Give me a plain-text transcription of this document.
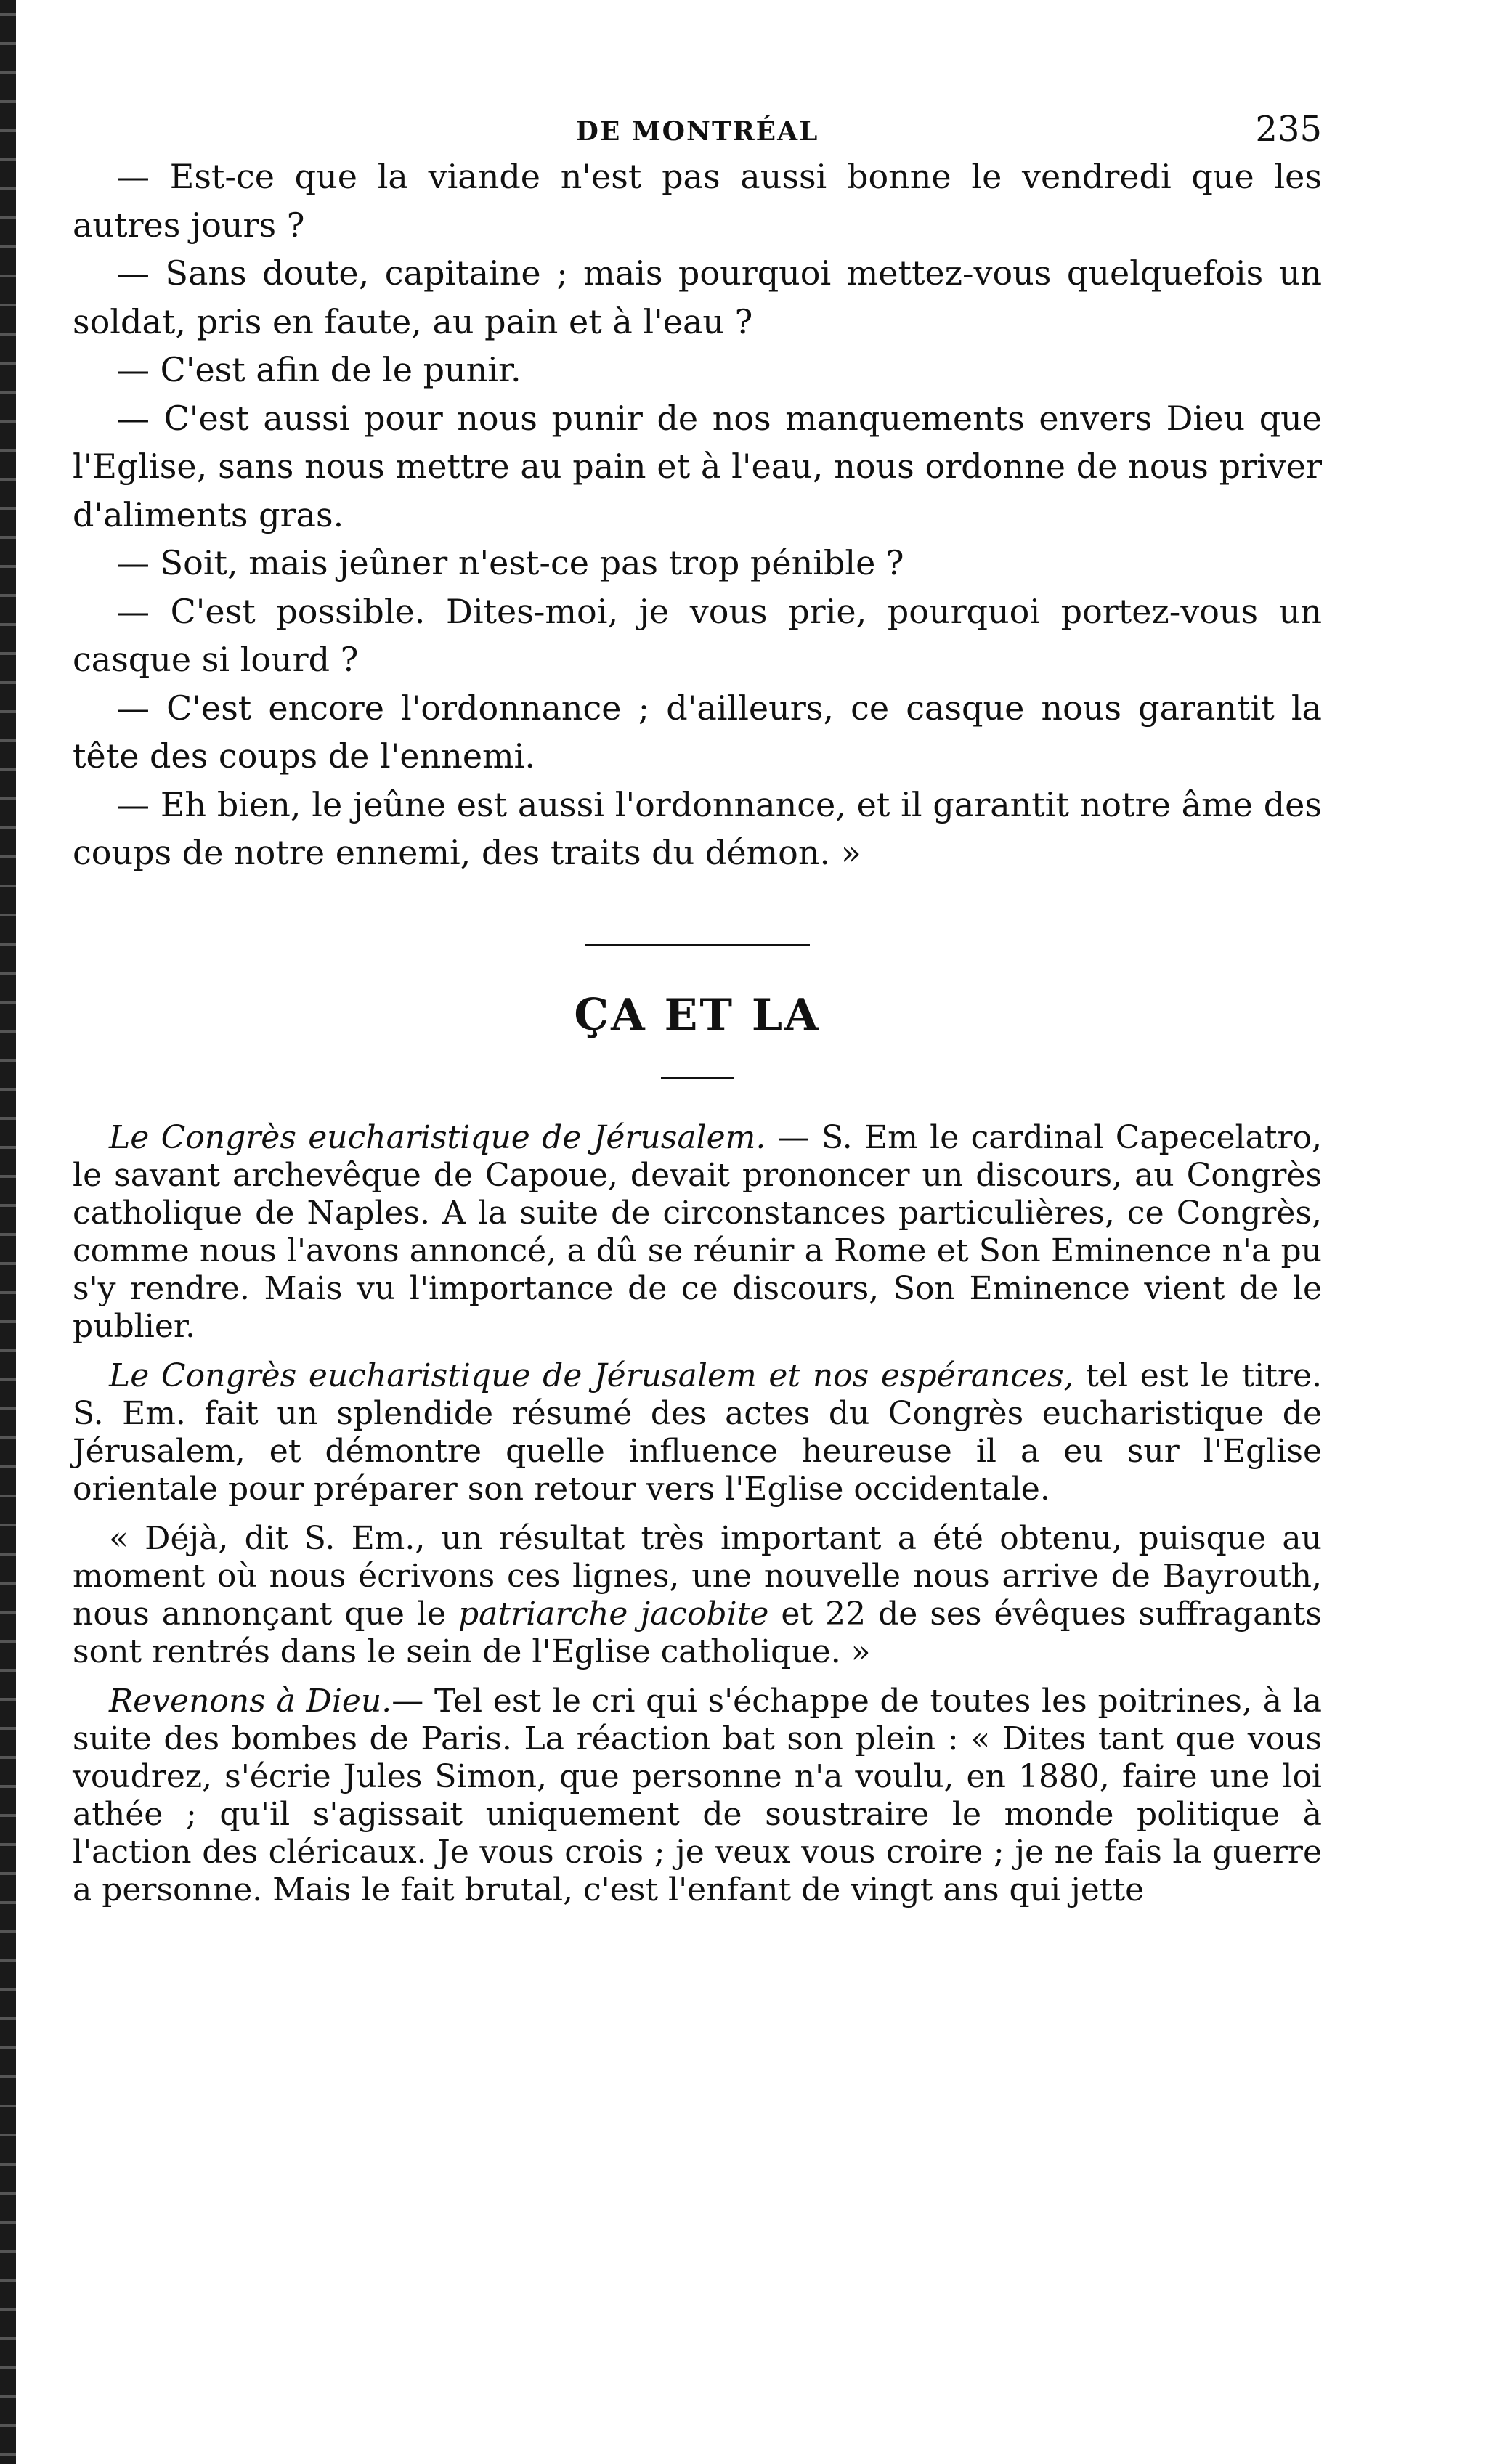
DE MONTRÉAL	235

— Est-ce que la viande n'est pas aussi bonne le vendredi que les autres jours ?

— Sans doute, capitaine ; mais pourquoi mettez-vous quelquefois un soldat, pris en faute, au pain et à l'eau ?

— C'est afin de le punir.

— C'est aussi pour nous punir de nos manquements envers Dieu que l'Eglise, sans nous mettre au pain et à l'eau, nous ordonne de nous priver d'aliments gras.

— Soit, mais jeûner n'est-ce pas trop pénible ?

— C'est possible. Dites-moi, je vous prie, pourquoi portez-vous un casque si lourd ?

— C'est encore l'ordonnance ; d'ailleurs, ce casque nous garantit la tête des coups de l'ennemi.

— Eh bien, le jeûne est aussi l'ordonnance, et il garantit notre âme des coups de notre ennemi, des traits du démon. »

ÇA ET LA

Le Congrès eucharistique de Jérusalem. — S. Em le cardinal Capecelatro, le savant archevêque de Capoue, devait prononcer un discours, au Congrès catholique de Naples. A la suite de circonstances particulières, ce Congrès, comme nous l'avons annoncé, a dû se réunir a Rome et Son Eminence n'a pu s'y rendre. Mais vu l'importance de ce discours, Son Eminence vient de le publier.

Le Congrès eucharistique de Jérusalem et nos espérances, tel est le titre. S. Em. fait un splendide résumé des actes du Congrès eucharistique de Jérusalem, et démontre quelle influence heureuse il a eu sur l'Eglise orientale pour préparer son retour vers l'Eglise occidentale.

« Déjà, dit S. Em., un résultat très important a été obtenu, puisque au moment où nous écrivons ces lignes, une nouvelle nous arrive de Bayrouth, nous annonçant que le patriarche jacobite et 22 de ses évêques suffragants sont rentrés dans le sein de l'Eglise catholique. »

Revenons à Dieu.— Tel est le cri qui s'échappe de toutes les poitrines, à la suite des bombes de Paris. La réaction bat son plein : « Dites tant que vous voudrez, s'écrie Jules Simon, que personne n'a voulu, en 1880, faire une loi athée ; qu'il s'agissait uniquement de soustraire le monde politique à l'action des cléricaux. Je vous crois ; je veux vous croire ; je ne fais la guerre a personne. Mais le fait brutal, c'est l'enfant de vingt ans qui jette
